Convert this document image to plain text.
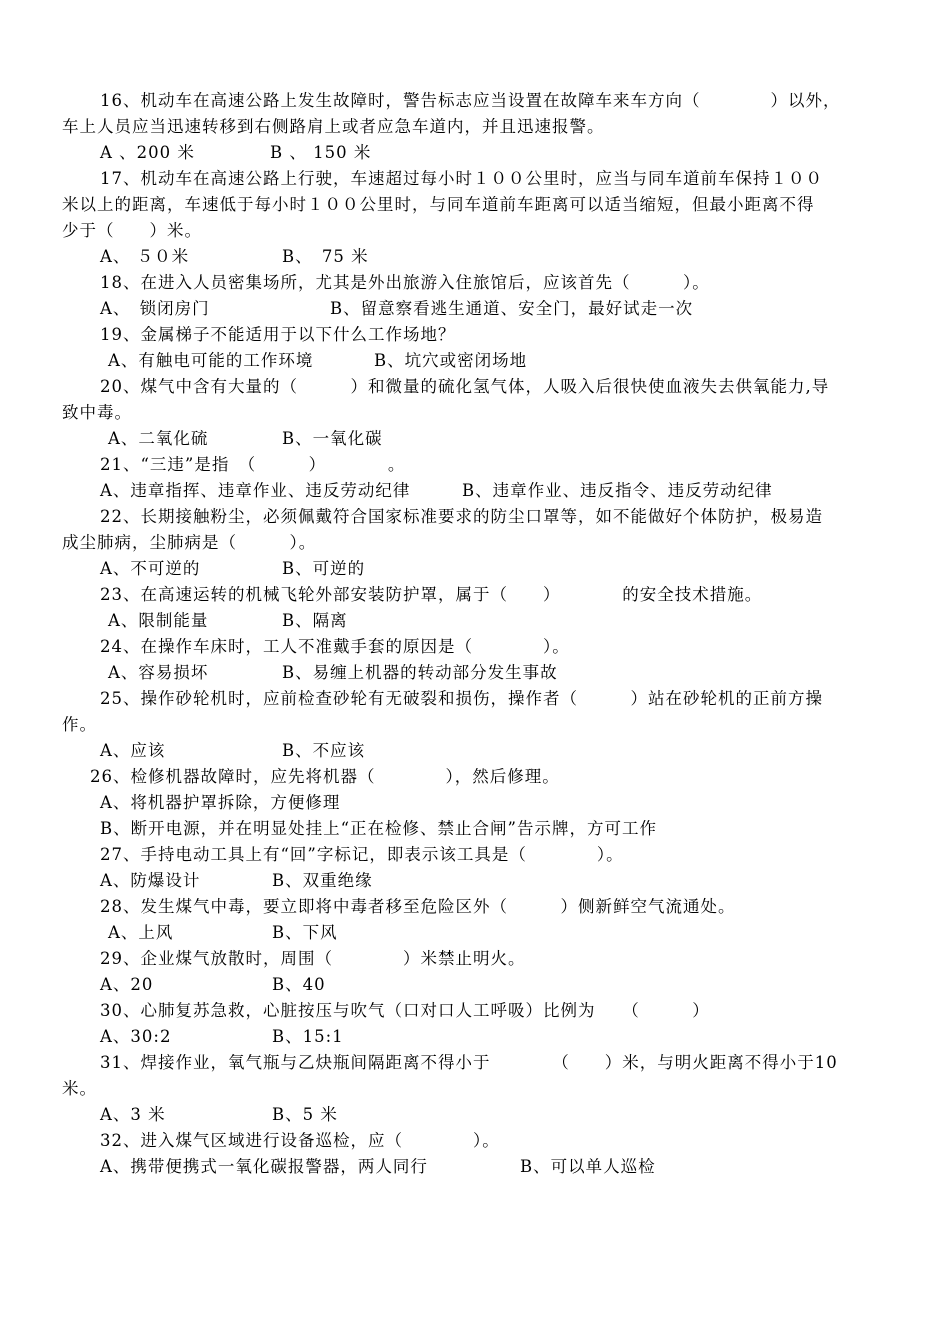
16、机动车在高速公路上发生故障时，警告标志应当设置在故障车来车方向（　　　　）以外，
车上人员应当迅速转移到右侧路肩上或者应急车道内，并且迅速报警。
A 、200 米	B 、 150 米
17、机动车在高速公路上行驶，车速超过每小时１００公里时，应当与同车道前车保持１００
米以上的距离，车速低于每小时１００公里时，与同车道前车距离可以适当缩短，但最小距离不得
少于（　　）米。
A、 ５０米	B、　75 米
18、在进入人员密集场所，尤其是外出旅游入住旅馆后，应该首先（　　　）。
A、　锁闭房门	B、留意察看逃生通道、安全门，最好试走一次
19、金属梯子不能适用于以下什么工作场地？
A、有触电可能的工作环境	B、坑穴或密闭场地
20、煤气中含有大量的（　　　）和微量的硫化氢气体，人吸入后很快使血液失去供氧能力,导
致中毒。
A、二氧化硫	B、一氧化碳
21、“三违”是指　（　　　）　　　　。
A、违章指挥、违章作业、违反劳动纪律	B、违章作业、违反指令、违反劳动纪律
22、长期接触粉尘，必须佩戴符合国家标准要求的防尘口罩等，如不能做好个体防护，极易造
成尘肺病，尘肺病是（　　　）。
A、不可逆的	B、可逆的
23、在高速运转的机械飞轮外部安装防护罩，属于（　　）　　　　的安全技术措施。
A、限制能量	B、隔离
24、在操作车床时，工人不准戴手套的原因是（　　　　）。
A、容易损坏	B、易缠上机器的转动部分发生事故
25、操作砂轮机时，应前检查砂轮有无破裂和损伤，操作者（　　　）站在砂轮机的正前方操
作。
A、应该	B、不应该
26、检修机器故障时，应先将机器（　　　　），然后修理。
A、将机器护罩拆除，方便修理
B、断开电源，并在明显处挂上“正在检修、禁止合闸”告示牌，方可工作
27、手持电动工具上有“回”字标记，即表示该工具是（　　　　）。
A、防爆设计	B、双重绝缘
28、发生煤气中毒，要立即将中毒者移至危险区外（　　　）侧新鲜空气流通处。
A、上风	B、下风
29、企业煤气放散时，周围（　　　　）米禁止明火。
A、20	B、40
30、心肺复苏急救，心脏按压与吹气（口对口人工呼吸）比例为　　（　　　）
A、30:2	B、15:1
31、焊接作业，氧气瓶与乙炔瓶间隔距离不得小于　　　　（　　）米，与明火距离不得小于10
米。
A、3 米	B、5 米
32、进入煤气区域进行设备巡检，应（　　　　）。
A、携带便携式一氧化碳报警器，两人同行	B、可以单人巡检
